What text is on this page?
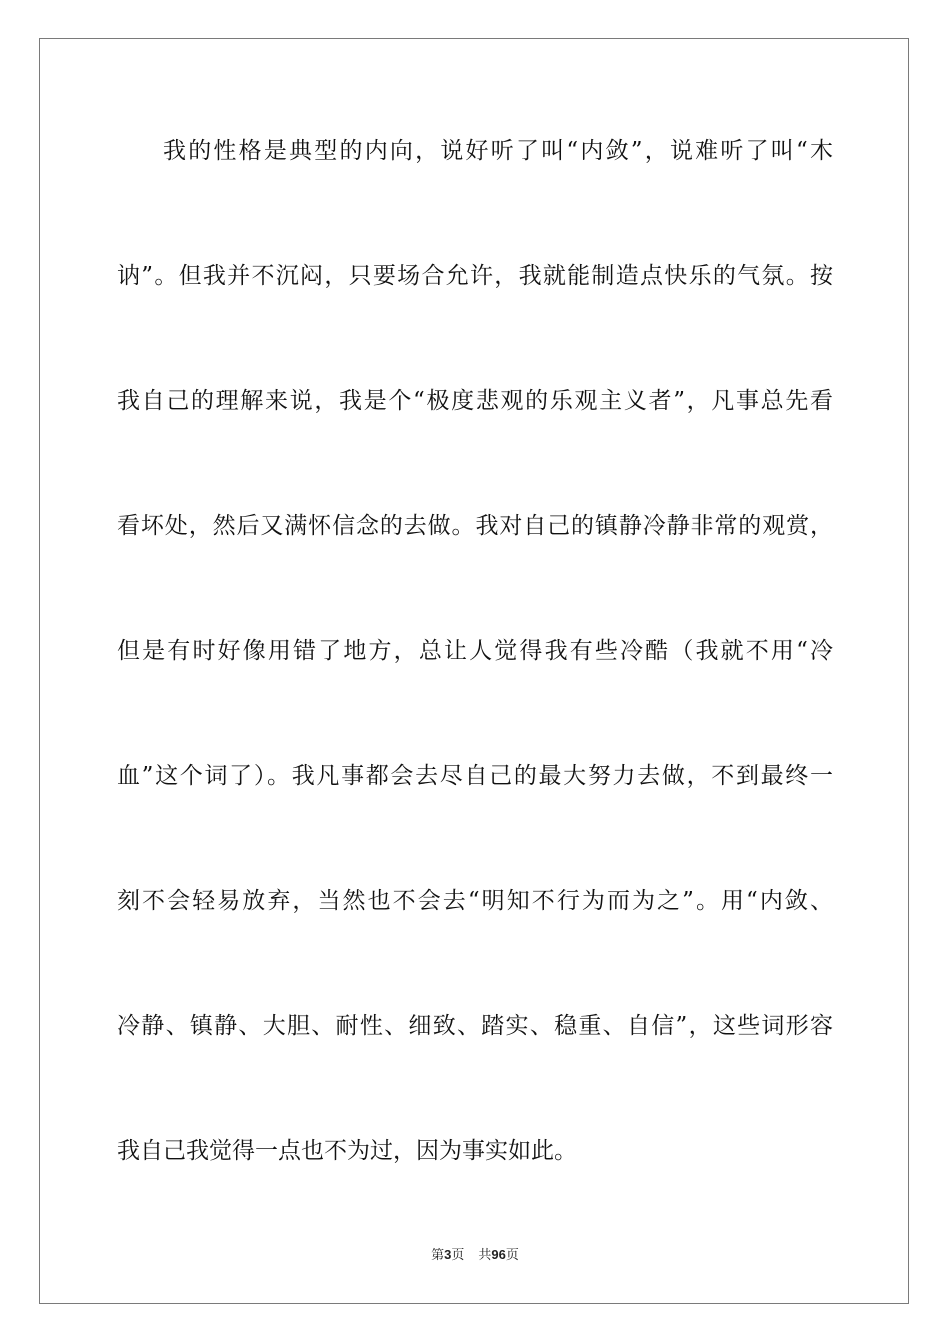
我的性格是典型的内向，说好听了叫“内敛”，说难听了叫“木
讷”。但我并不沉闷，只要场合允许，我就能制造点快乐的气氛。按
我自己的理解来说，我是个“极度悲观的乐观主义者”，凡事总先看
看坏处，然后又满怀信念的去做。我对自己的镇静冷静非常的观赏，
但是有时好像用错了地方，总让人觉得我有些冷酷（我就不用“冷
血”这个词了）。我凡事都会去尽自己的最大努力去做，不到最终一
刻不会轻易放弃，当然也不会去“明知不行为而为之”。用“内敛、
冷静、镇静、大胆、耐性、细致、踏实、稳重、自信”，这些词形容
我自己我觉得一点也不为过，因为事实如此。
第3页 共96页
